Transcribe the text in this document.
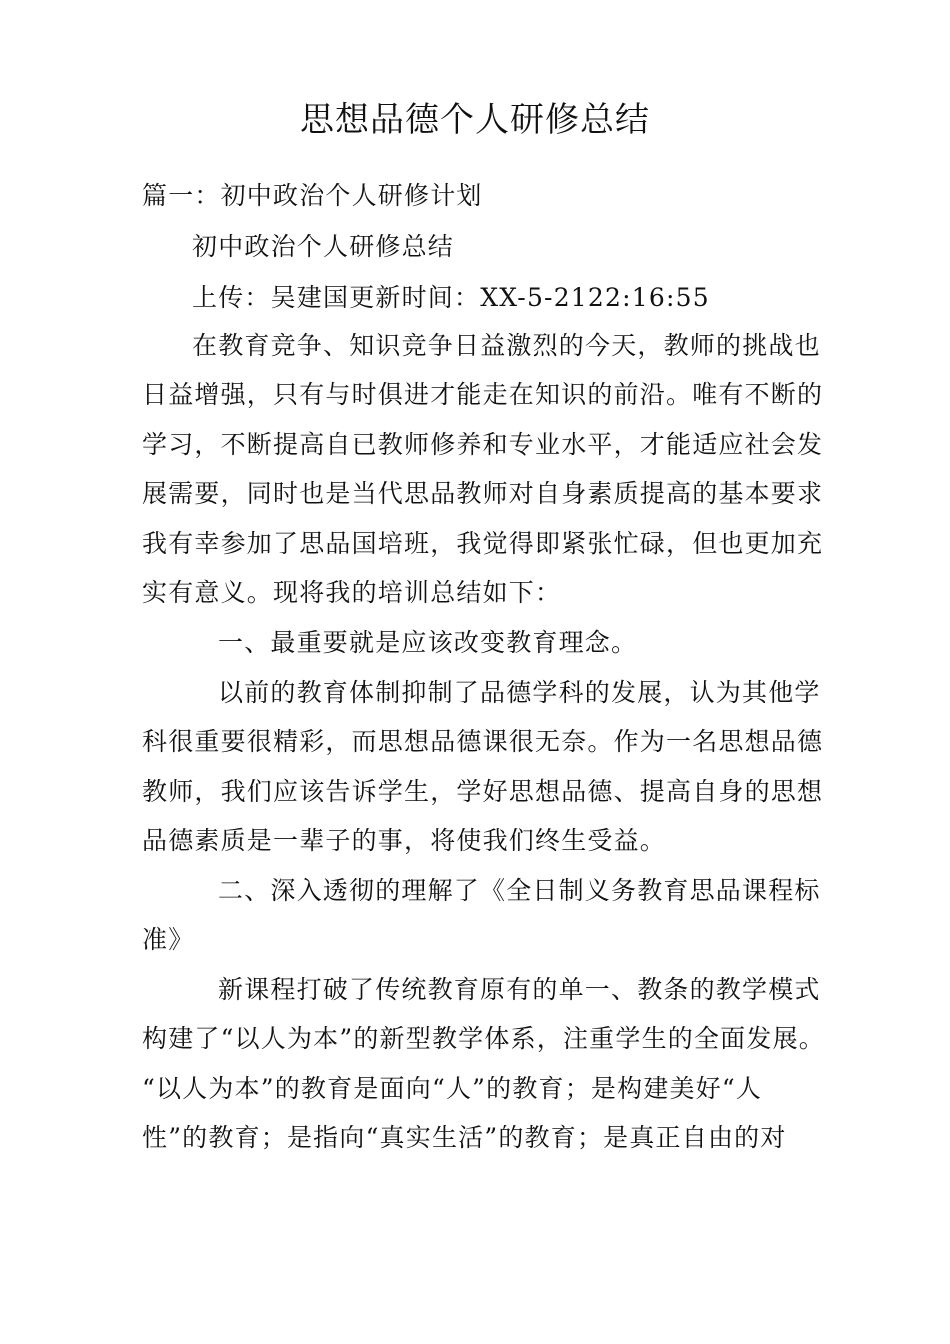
思想品德个人研修总结
篇一：初中政治个人研修计划
初中政治个人研修总结
上传：吴建国更新时间：XX-5-2122:16:55
在教育竞争、知识竞争日益激烈的今天，教师的挑战也
日益增强，只有与时俱进才能走在知识的前沿。唯有不断的
学习，不断提高自已教师修养和专业水平，才能适应社会发
展需要，同时也是当代思品教师对自身素质提高的基本要求
我有幸参加了思品国培班，我觉得即紧张忙碌，但也更加充
实有意义。现将我的培训总结如下：
一、最重要就是应该改变教育理念。
以前的教育体制抑制了品德学科的发展，认为其他学
科很重要很精彩，而思想品德课很无奈。作为一名思想品德
教师，我们应该告诉学生，学好思想品德、提高自身的思想
品德素质是一辈子的事，将使我们终生受益。
二、深入透彻的理解了《全日制义务教育思品课程标
准》
新课程打破了传统教育原有的单一、教条的教学模式
构建了“以人为本”的新型教学体系，注重学生的全面发展。
“以人为本”的教育是面向“人”的教育；是构建美好“人
性”的教育；是指向“真实生活”的教育；是真正自由的对
